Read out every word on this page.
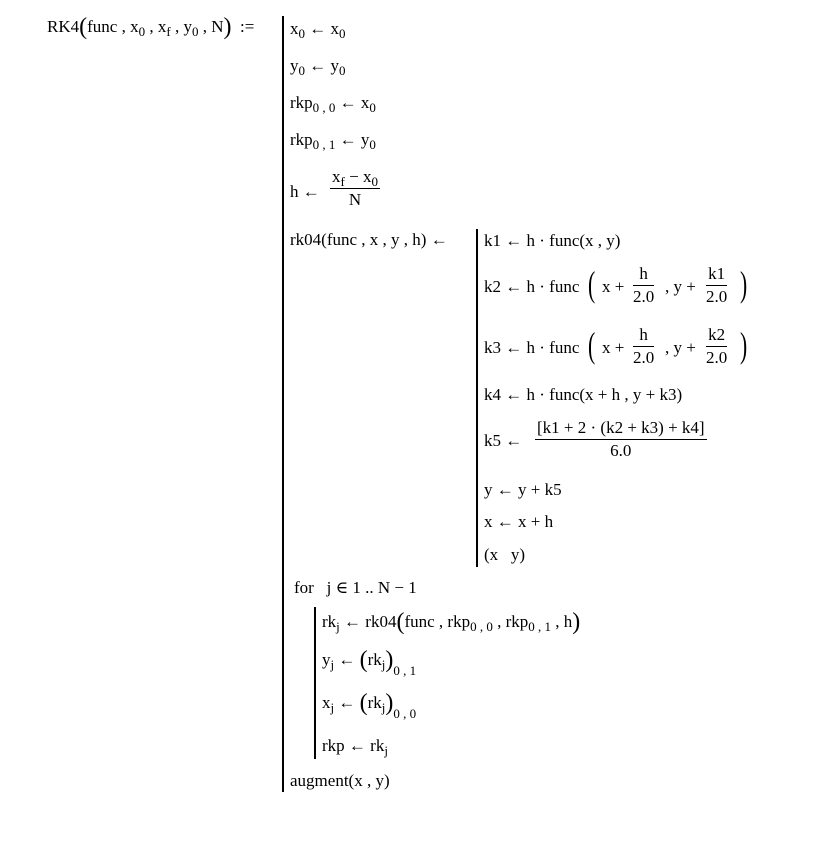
RK4(func , $x_0$ , $x_f$ , $y_0$ , N) := $x_0$ ← $x_0$
$y_0$ ← $y_0$
rkp$_{0 , 0}$ ← $x_0$
rkp$_{0 , 1}$ ← $y_0$
h ← $\frac{x_f - x_0}{N}$
rk04(func , x , y , h) ← k1 ← h · func(x , y)
k2 ← h · func ( $x + \frac{h}{2.0}$ , $y + \frac{k1}{2.0}$ )
k3 ← h · func ( $x + \frac{h}{2.0}$ , $y + \frac{k2}{2.0}$ )
k4 ← h · func(x + h , y + k3)
k5 ← $\frac{[k1 + 2 \cdot (k2 + k3) + k4]}{6.0}$
y ← y + k5
x ← x + h
(x   y)
for   j ∈ 1 .. N − 1
$rk_j$ ← rk04(func , rkp$_{0 , 0}$ , rkp$_{0 , 1}$ , h)
$y_j$ ← $(rk_j)_{0 , 1}$
$x_j$ ← $(rk_j)_{0 , 0}$
rkp ← $rk_j$
augment(x , y)
